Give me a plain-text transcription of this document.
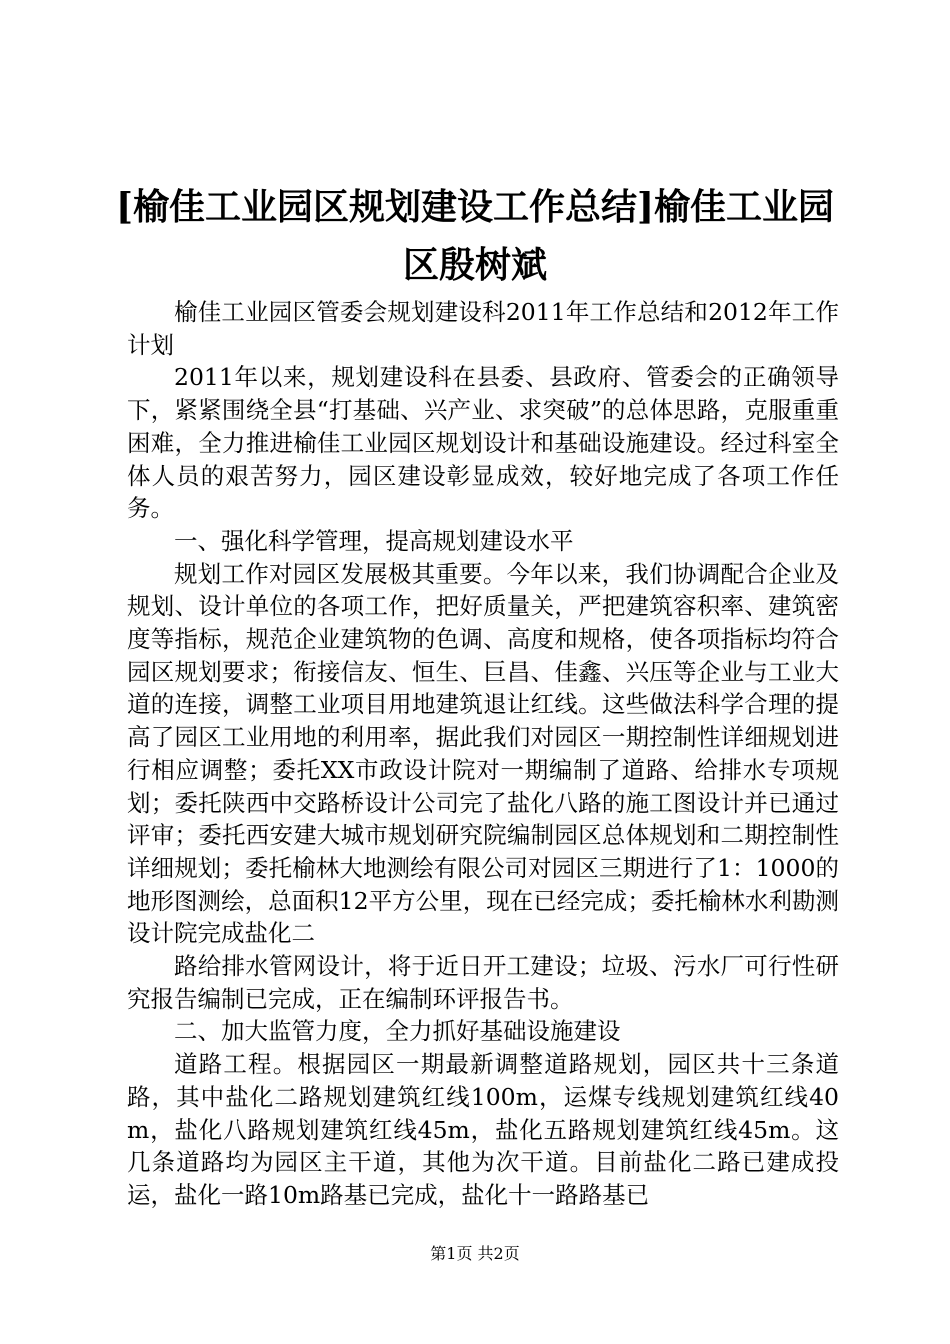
[榆佳工业园区规划建设工作总结]榆佳工业园区殷树斌

榆佳工业园区管委会规划建设科2011年工作总结和2012年工作计划

2011年以来，规划建设科在县委、县政府、管委会的正确领导下，紧紧围绕全县“打基础、兴产业、求突破”的总体思路，克服重重困难，全力推进榆佳工业园区规划设计和基础设施建设。经过科室全体人员的艰苦努力，园区建设彰显成效，较好地完成了各项工作任务。

一、强化科学管理，提高规划建设水平

规划工作对园区发展极其重要。今年以来，我们协调配合企业及规划、设计单位的各项工作，把好质量关，严把建筑容积率、建筑密度等指标，规范企业建筑物的色调、高度和规格，使各项指标均符合园区规划要求；衔接信友、恒生、巨昌、佳鑫、兴压等企业与工业大道的连接，调整工业项目用地建筑退让红线。这些做法科学合理的提高了园区工业用地的利用率，据此我们对园区一期控制性详细规划进行相应调整；委托XX市政设计院对一期编制了道路、给排水专项规划；委托陕西中交路桥设计公司完了盐化八路的施工图设计并已通过评审；委托西安建大城市规划研究院编制园区总体规划和二期控制性详细规划；委托榆林大地测绘有限公司对园区三期进行了1：1000的地形图测绘，总面积12平方公里，现在已经完成；委托榆林水利勘测设计院完成盐化二

路给排水管网设计，将于近日开工建设；垃圾、污水厂可行性研究报告编制已完成，正在编制环评报告书。

二、加大监管力度，全力抓好基础设施建设

道路工程。根据园区一期最新调整道路规划，园区共十三条道路，其中盐化二路规划建筑红线100m，运煤专线规划建筑红线40m，盐化八路规划建筑红线45m，盐化五路规划建筑红线45m。这几条道路均为园区主干道，其他为次干道。目前盐化二路已建成投运，盐化一路10m路基已完成，盐化十一路路基已

第1页 共2页
